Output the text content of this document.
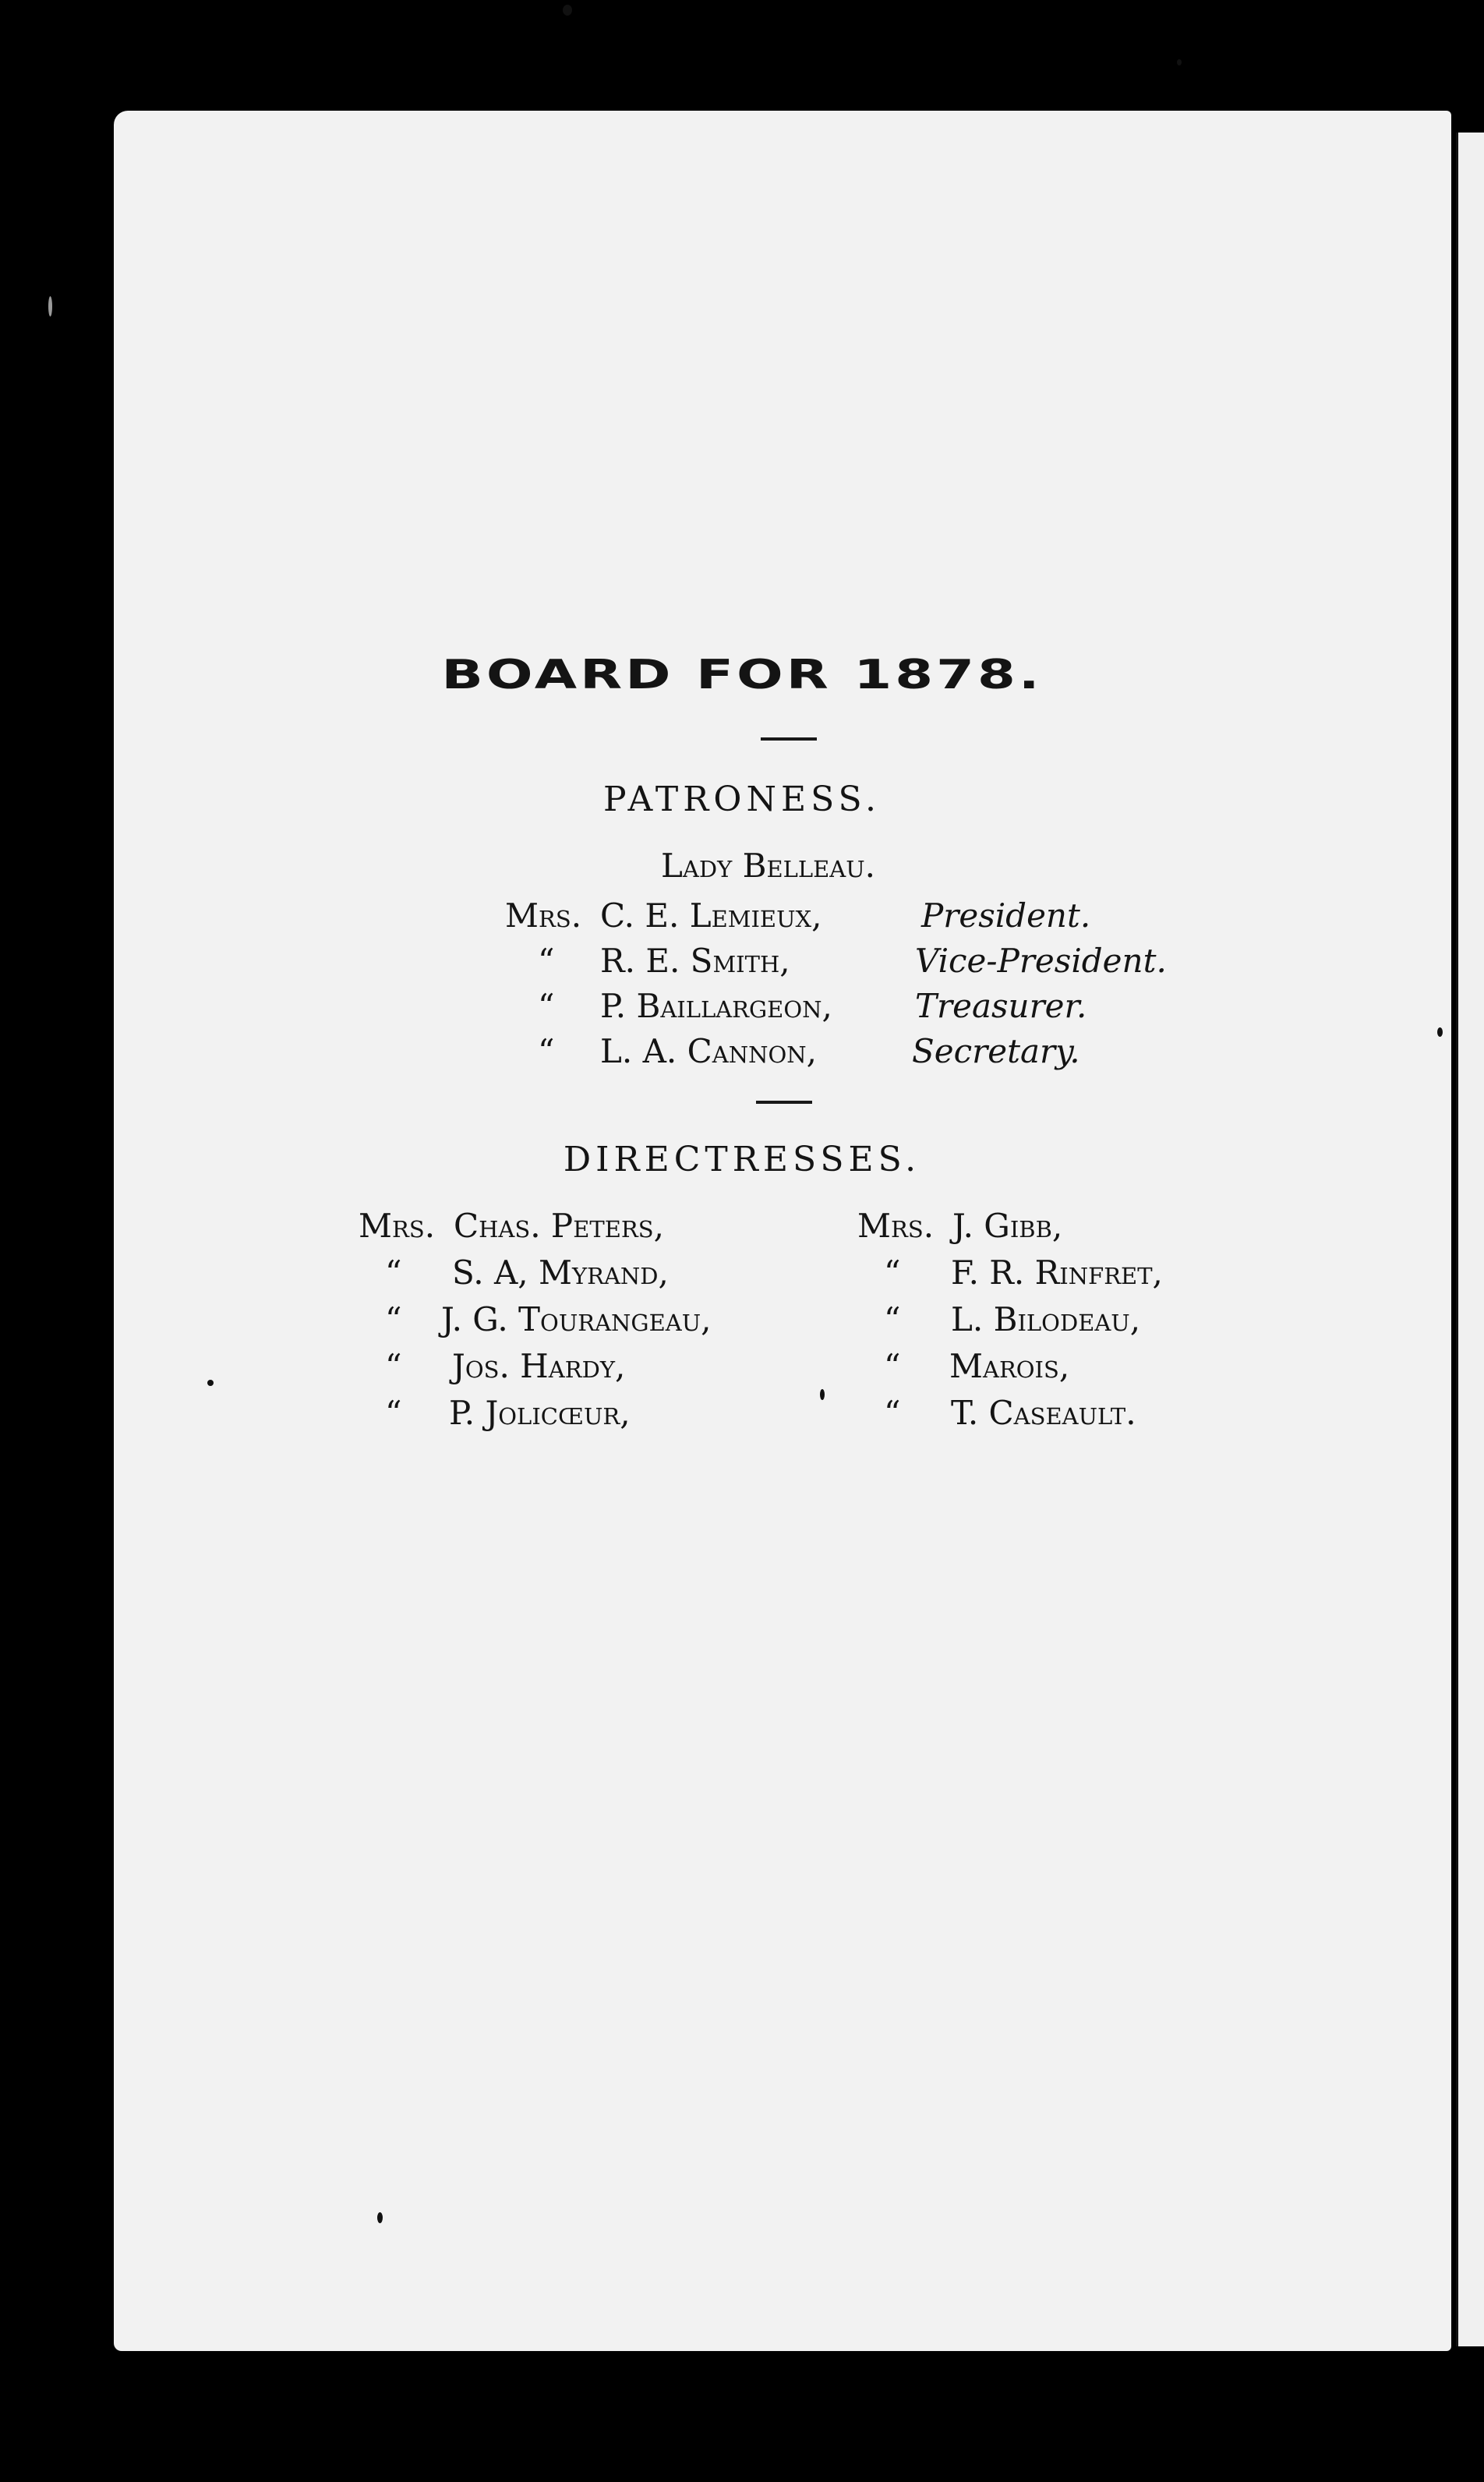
BOARD FOR 1878.
PATRONESS.
Lady Belleau.
Mrs. C. E. Lemieux,	President.
“ R. E. Smith,	Vice-President.
“ P. Baillargeon,	Treasurer.
“ L. A. Cannon,	Secretary.
DIRECTRESSES.
Mrs. Chas. Peters,
“ S. A, Myrand,
“ J. G. Tourangeau,
“ Jos. Hardy,
“ P. Jolicœur,
Mrs. J. Gibb,
“ F. R. Rinfret,
“ L. Bilodeau,
“ Marois,
“ T. Caseault.
